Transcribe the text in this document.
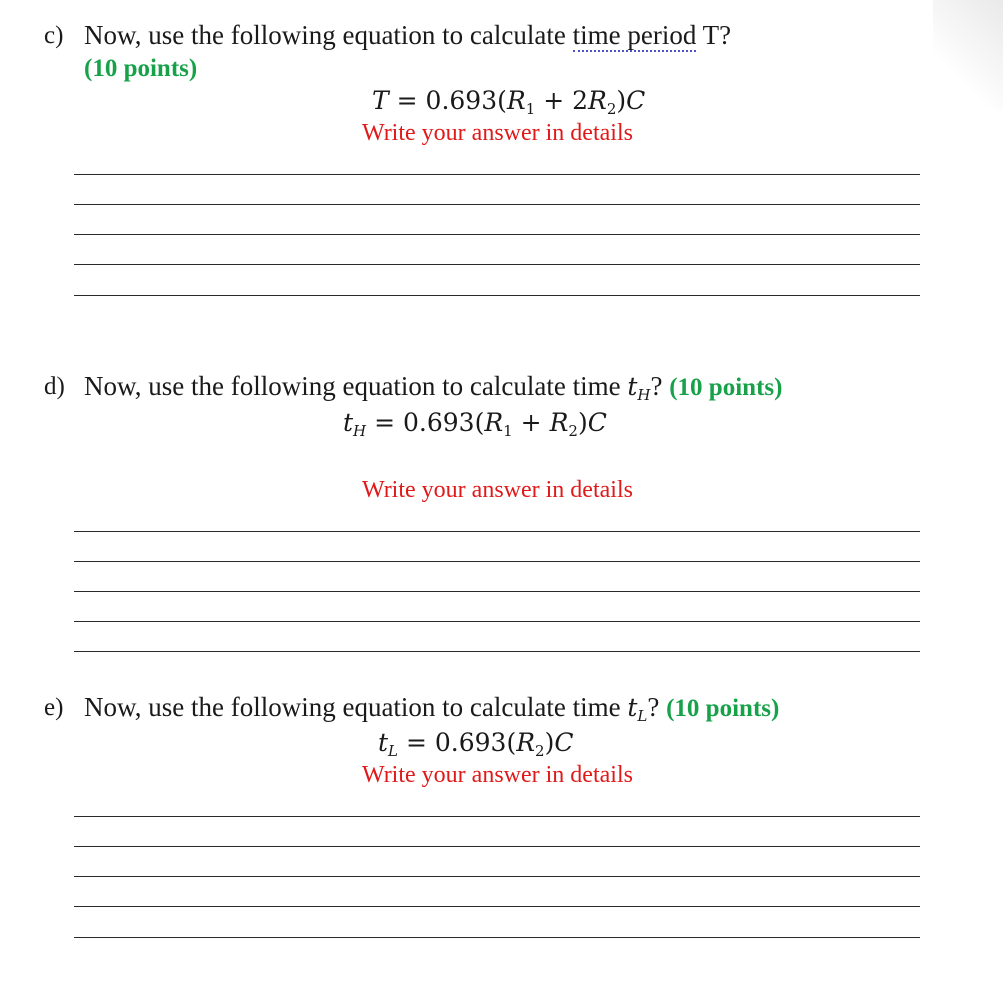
c) Now, use the following equation to calculate time period T?
(10 points)
$T = 0.693(R_1 + 2R_2)C$
Write your answer in details
d) Now, use the following equation to calculate time $t_H$? (10 points)
$t_H = 0.693(R_1 + R_2)C$
Write your answer in details
e) Now, use the following equation to calculate time $t_L$? (10 points)
$t_L = 0.693(R_2)C$
Write your answer in details
